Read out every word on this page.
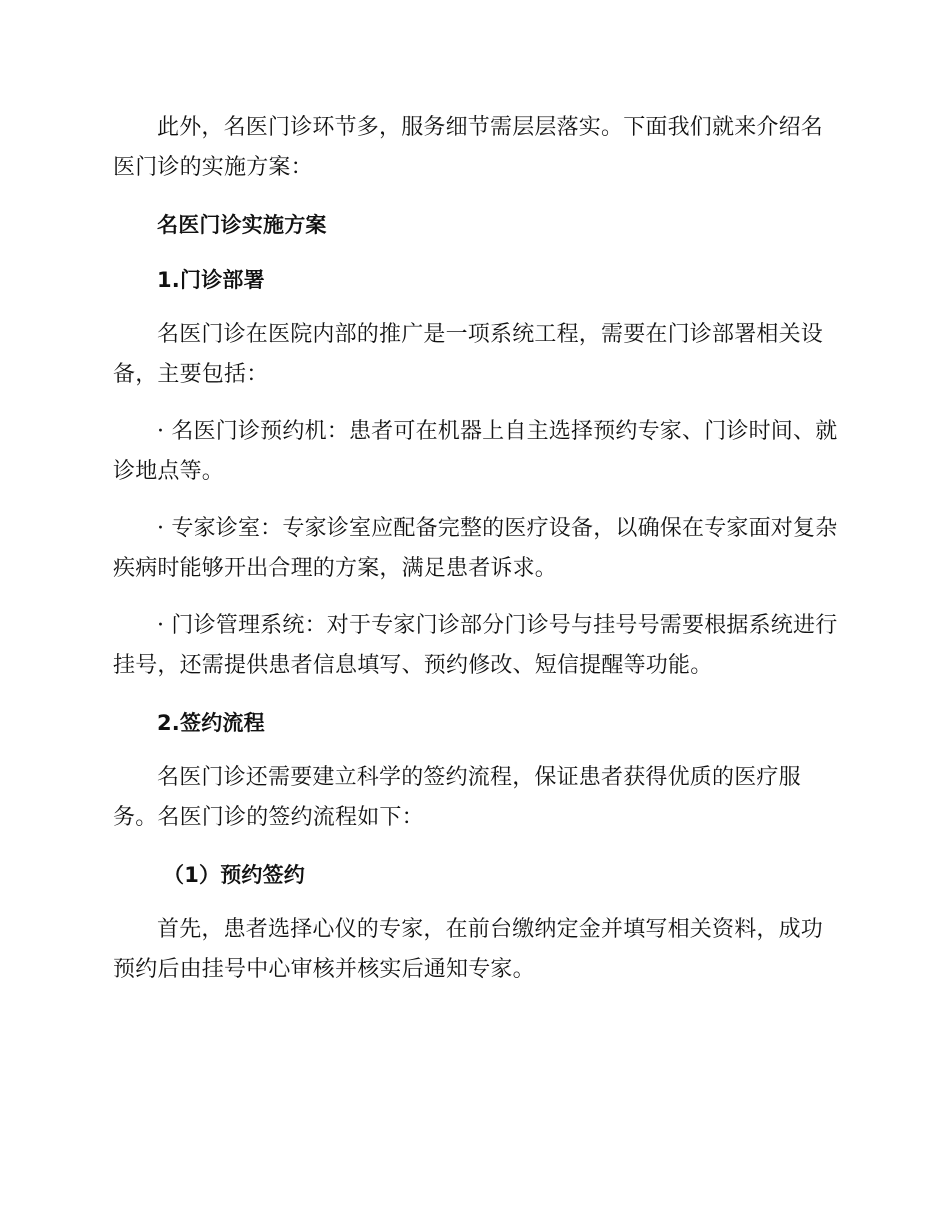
此外，名医门诊环节多，服务细节需层层落实。下面我们就来介绍名医门诊的实施方案：

名医门诊实施方案

1.门诊部署

名医门诊在医院内部的推广是一项系统工程，需要在门诊部署相关设备，主要包括：

· 名医门诊预约机：患者可在机器上自主选择预约专家、门诊时间、就诊地点等。

· 专家诊室：专家诊室应配备完整的医疗设备，以确保在专家面对复杂疾病时能够开出合理的方案，满足患者诉求。

· 门诊管理系统：对于专家门诊部分门诊号与挂号号需要根据系统进行挂号，还需提供患者信息填写、预约修改、短信提醒等功能。

2.签约流程

名医门诊还需要建立科学的签约流程，保证患者获得优质的医疗服务。名医门诊的签约流程如下：

（1）预约签约

首先，患者选择心仪的专家，在前台缴纳定金并填写相关资料，成功预约后由挂号中心审核并核实后通知专家。
